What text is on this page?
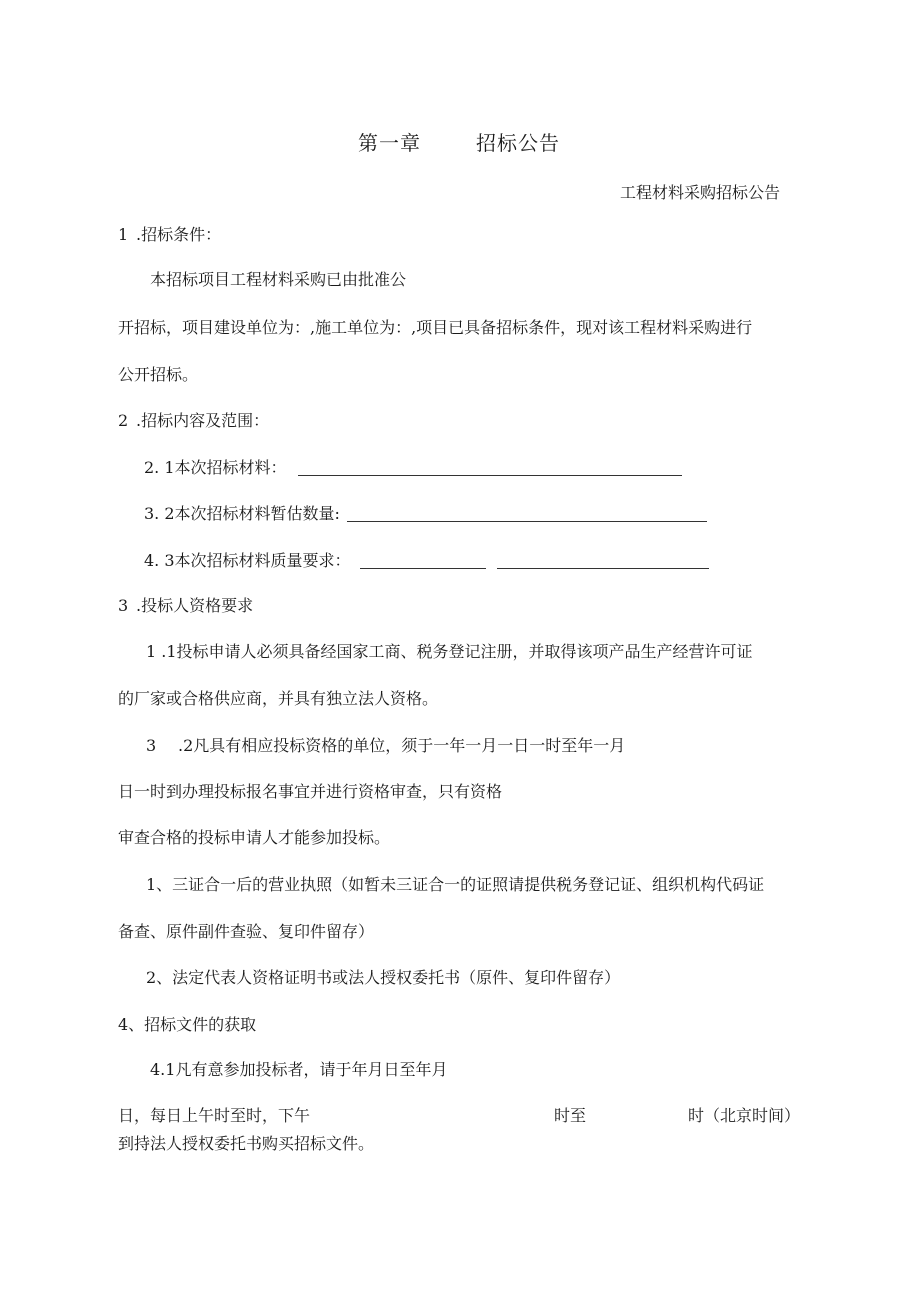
第一章	招标公告
工程材料采购招标公告
1 .招标条件：
本招标项目工程材料采购已由批准公
开招标，项目建设单位为：,施工单位为：,项目已具备招标条件，现对该工程材料采购进行
公开招标。
2 .招标内容及范围：
2. 1本次招标材料：
3. 2本次招标材料暂估数量:
4. 3本次招标材料质量要求：
3 .投标人资格要求
1 .1投标申请人必须具备经国家工商、税务登记注册，并取得该项产品生产经营许可证
的厂家或合格供应商，并具有独立法人资格。
3 .2凡具有相应投标资格的单位，须于一年一月一日一时至年一月
日一时到办理投标报名事宜并进行资格审查，只有资格
审查合格的投标申请人才能参加投标。
1、三证合一后的营业执照（如暂未三证合一的证照请提供税务登记证、组织机构代码证
备查、原件副件查验、复印件留存）
2、法定代表人资格证明书或法人授权委托书（原件、复印件留存）
4、招标文件的获取
4.1凡有意参加投标者，请于年月日至年月
日，每日上午时至时，下午	时至	时（北京时间）
到持法人授权委托书购买招标文件。
